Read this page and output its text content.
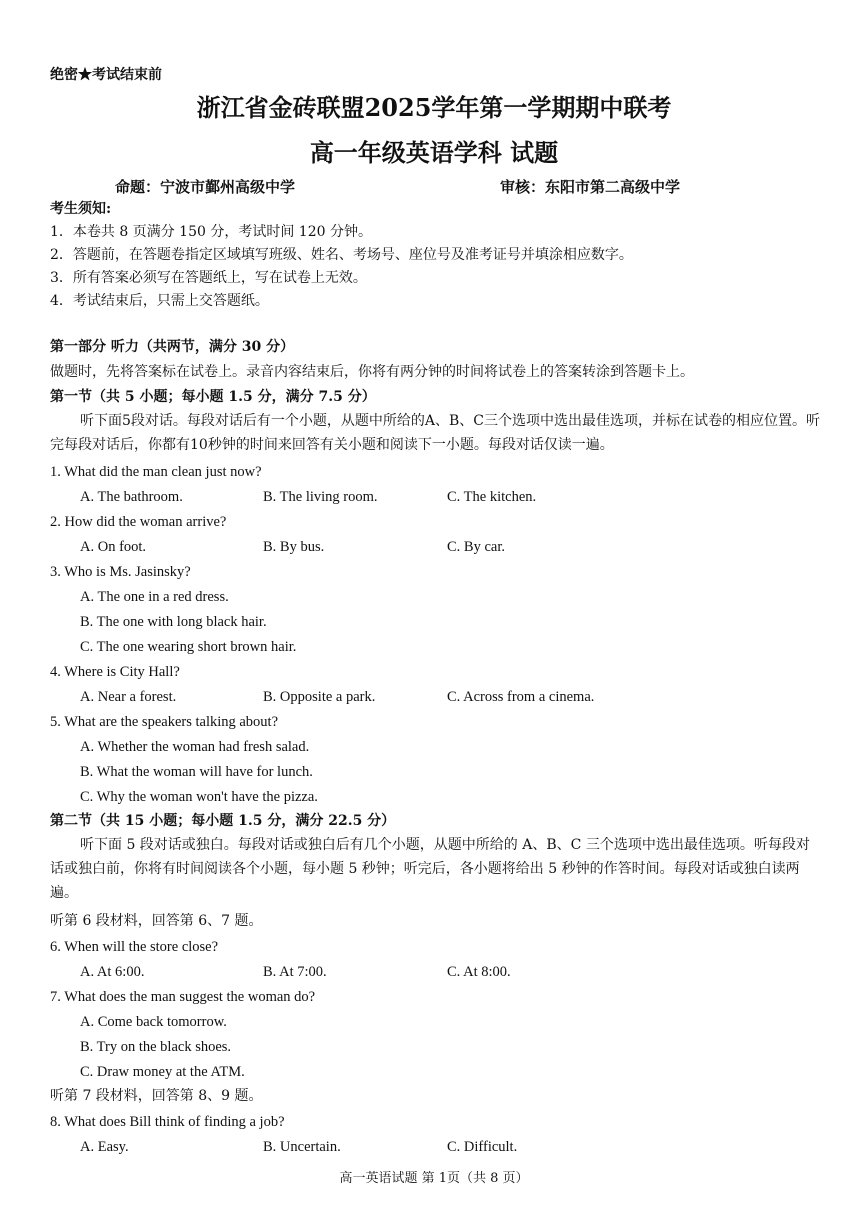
绝密★考试结束前
浙江省金砖联盟2025学年第一学期期中联考
高一年级英语学科 试题
命题：宁波市鄞州高级中学	审核：东阳市第二高级中学
考生须知:
1．本卷共 8 页满分 150 分，考试时间 120 分钟。
2．答题前，在答题卷指定区域填写班级、姓名、考场号、座位号及准考证号并填涂相应数字。
3．所有答案必须写在答题纸上，写在试卷上无效。
4．考试结束后，只需上交答题纸。
第一部分 听力（共两节，满分 30 分）
做题时，先将答案标在试卷上。录音内容结束后，你将有两分钟的时间将试卷上的答案转涂到答题卡上。
第一节（共 5 小题；每小题 1.5 分，满分 7.5 分）
听下面5段对话。每段对话后有一个小题，从题中所给的A、B、C三个选项中选出最佳选项，并标在试卷的相应位置。听完每段对话后，你都有10秒钟的时间来回答有关小题和阅读下一小题。每段对话仅读一遍。
1. What did the man clean just now?
A. The bathroom.	B. The living room.	C. The kitchen.
2. How did the woman arrive?
A. On foot.	B. By bus.	C. By car.
3. Who is Ms. Jasinsky?
A. The one in a red dress.
B. The one with long black hair.
C. The one wearing short brown hair.
4. Where is City Hall?
A. Near a forest.	B. Opposite a park.	C. Across from a cinema.
5. What are the speakers talking about?
A. Whether the woman had fresh salad.
B. What the woman will have for lunch.
C. Why the woman won't have the pizza.
第二节（共 15 小题；每小题 1.5 分，满分 22.5 分）
听下面 5 段对话或独白。每段对话或独白后有几个小题，从题中所给的 A、B、C 三个选项中选出最佳选项。听每段对话或独白前，你将有时间阅读各个小题，每小题 5 秒钟；听完后，各小题将给出 5 秒钟的作答时间。每段对话或独白读两遍。
听第 6 段材料，回答第 6、7 题。
6. When will the store close?
A. At 6:00.	B. At 7:00.	C. At 8:00.
7. What does the man suggest the woman do?
A. Come back tomorrow.
B. Try on the black shoes.
C. Draw money at the ATM.
听第 7 段材料，回答第 8、9 题。
8. What does Bill think of finding a job?
A. Easy.	B. Uncertain.	C. Difficult.
高一英语试题 第 1页（共 8 页）
